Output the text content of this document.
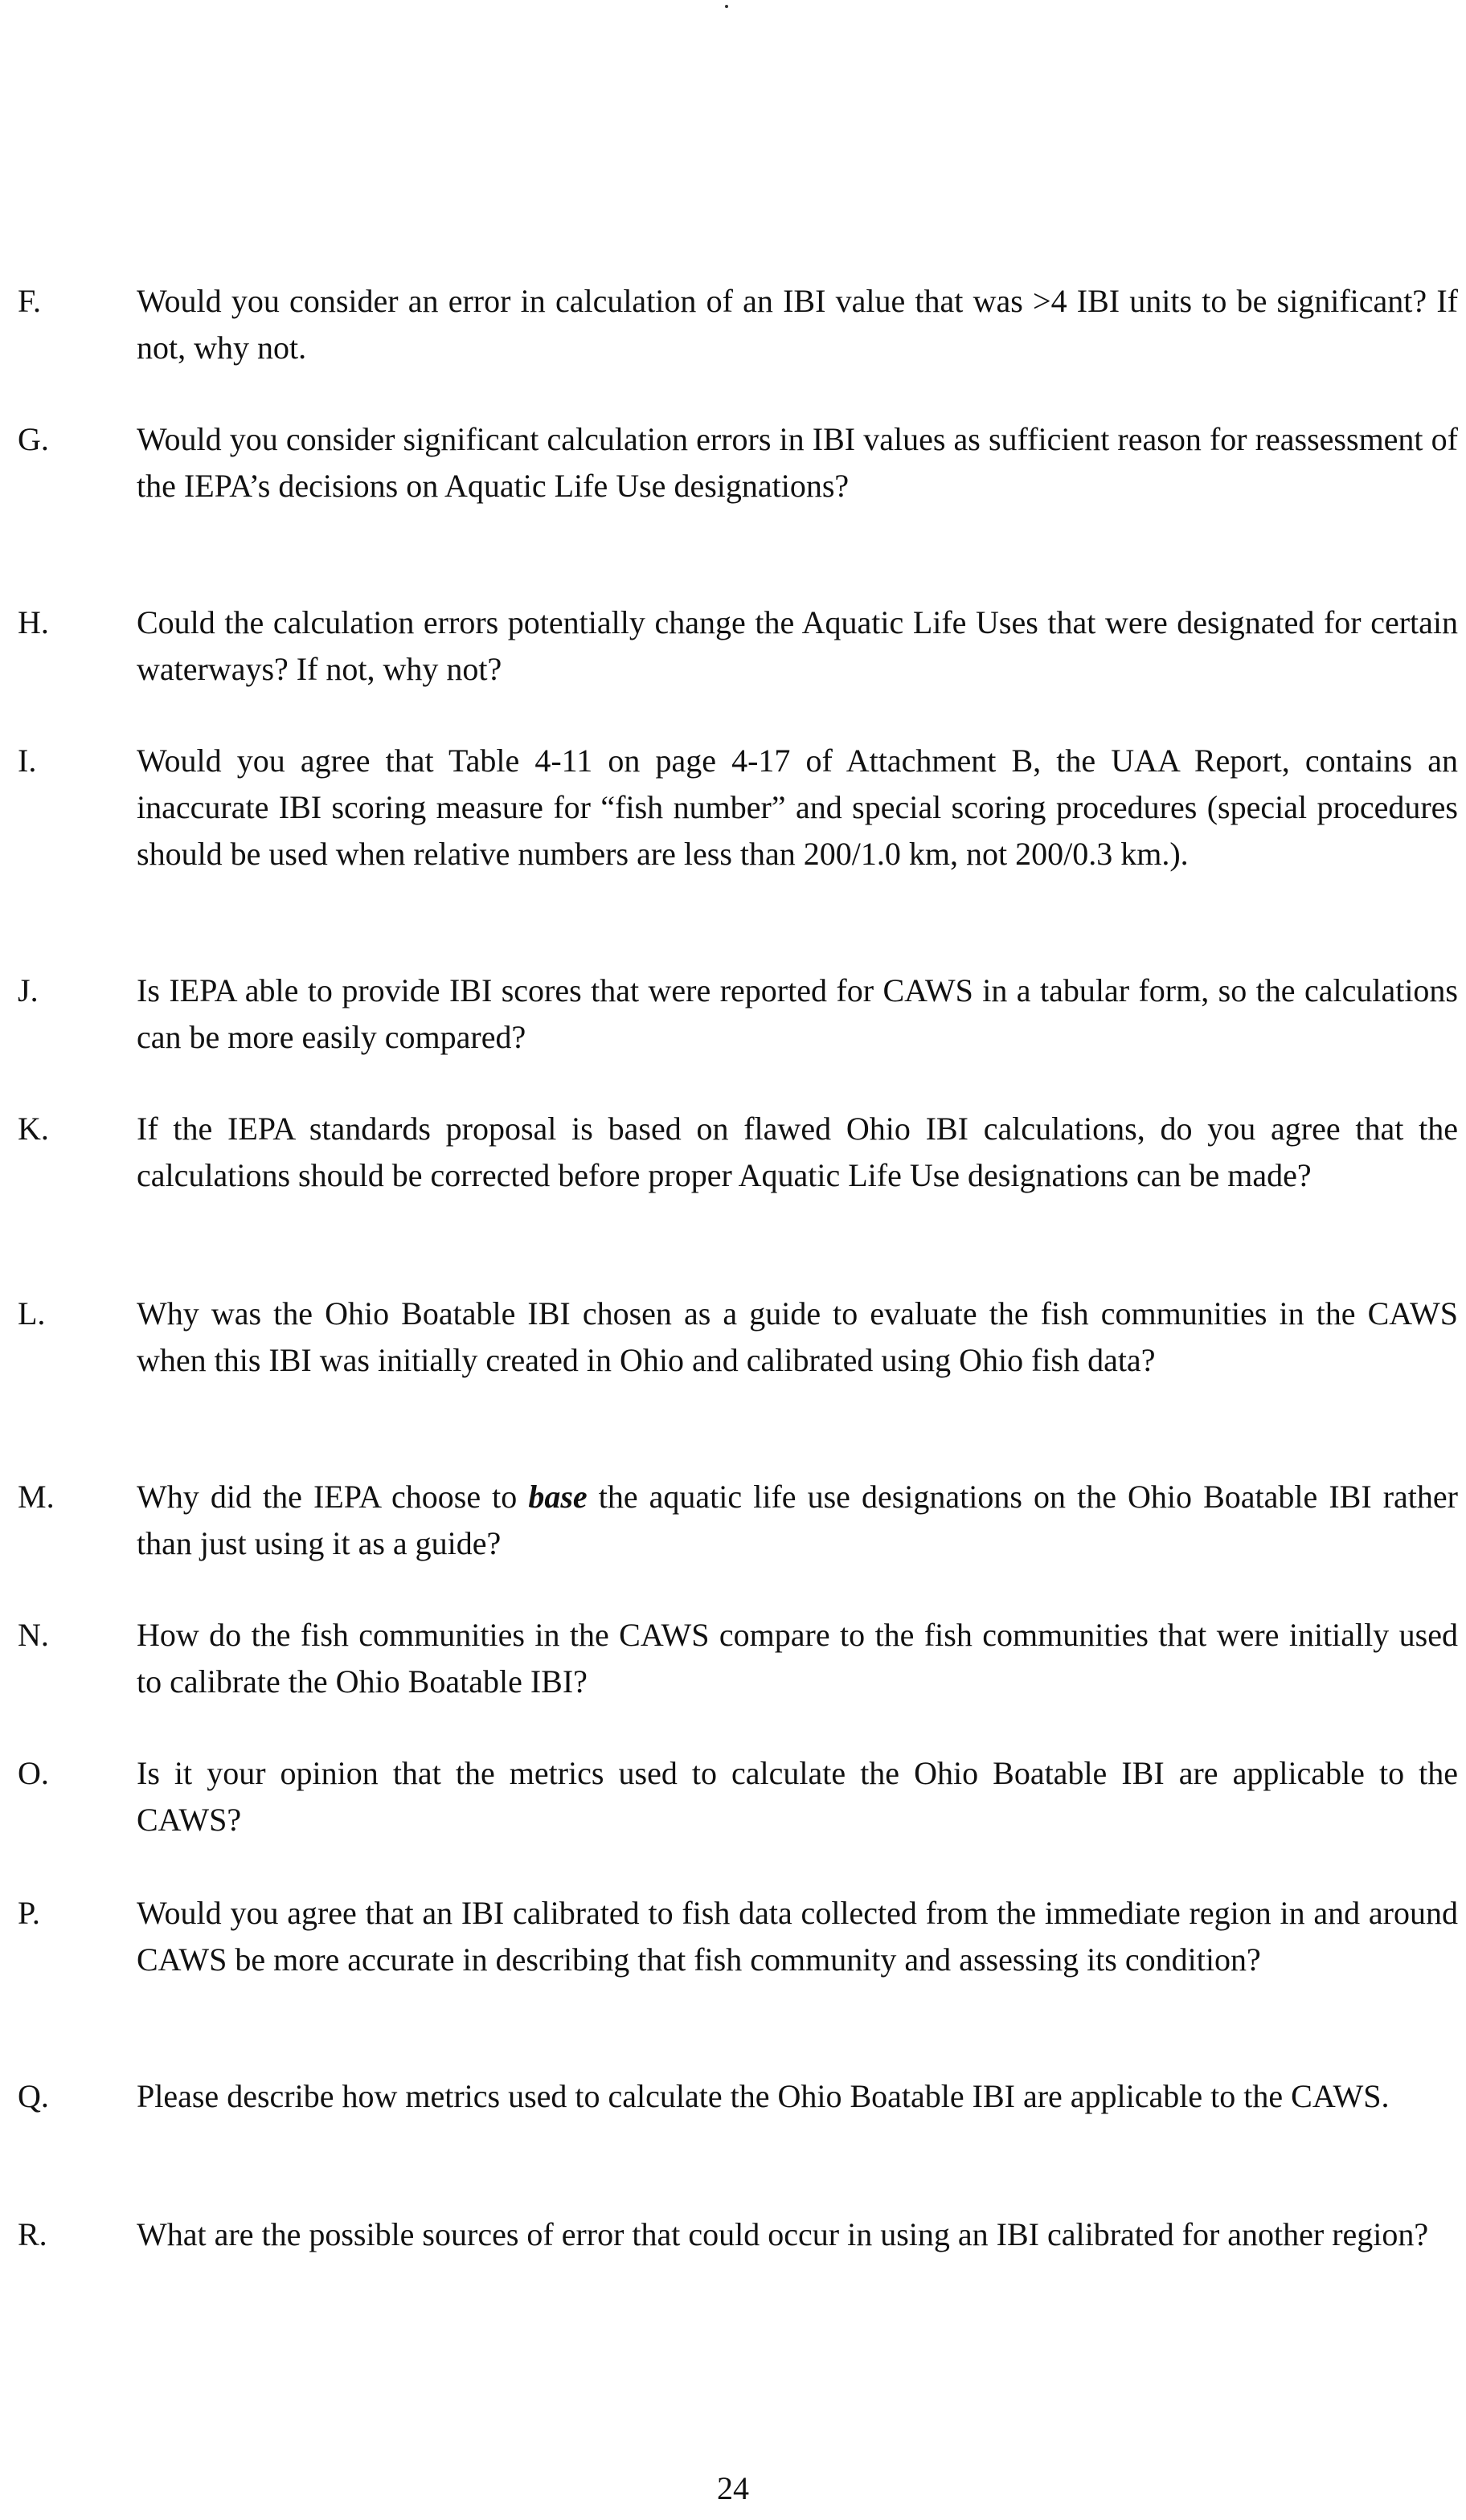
F.	Would you consider an error in calculation of an IBI value that was >4 IBI units to be significant? If not, why not.
G.	Would you consider significant calculation errors in IBI values as sufficient reason for reassessment of the IEPA’s decisions on Aquatic Life Use designations?
H.	Could the calculation errors potentially change the Aquatic Life Uses that were designated for certain waterways? If not, why not?
I.	Would you agree that Table 4-11 on page 4-17 of Attachment B, the UAA Report, contains an inaccurate IBI scoring measure for “fish number” and special scoring procedures (special procedures should be used when relative numbers are less than 200/1.0 km, not 200/0.3 km.).
J.	Is IEPA able to provide IBI scores that were reported for CAWS in a tabular form, so the calculations can be more easily compared?
K.	If the IEPA standards proposal is based on flawed Ohio IBI calculations, do you agree that the calculations should be corrected before proper Aquatic Life Use designations can be made?
L.	Why was the Ohio Boatable IBI chosen as a guide to evaluate the fish communities in the CAWS when this IBI was initially created in Ohio and calibrated using Ohio fish data?
M.	Why did the IEPA choose to base the aquatic life use designations on the Ohio Boatable IBI rather than just using it as a guide?
N.	How do the fish communities in the CAWS compare to the fish communities that were initially used to calibrate the Ohio Boatable IBI?
O.	Is it your opinion that the metrics used to calculate the Ohio Boatable IBI are applicable to the CAWS?
P.	Would you agree that an IBI calibrated to fish data collected from the immediate region in and around CAWS be more accurate in describing that fish community and assessing its condition?
Q.	Please describe how metrics used to calculate the Ohio Boatable IBI are applicable to the CAWS.
R.	What are the possible sources of error that could occur in using an IBI calibrated for another region?
24
